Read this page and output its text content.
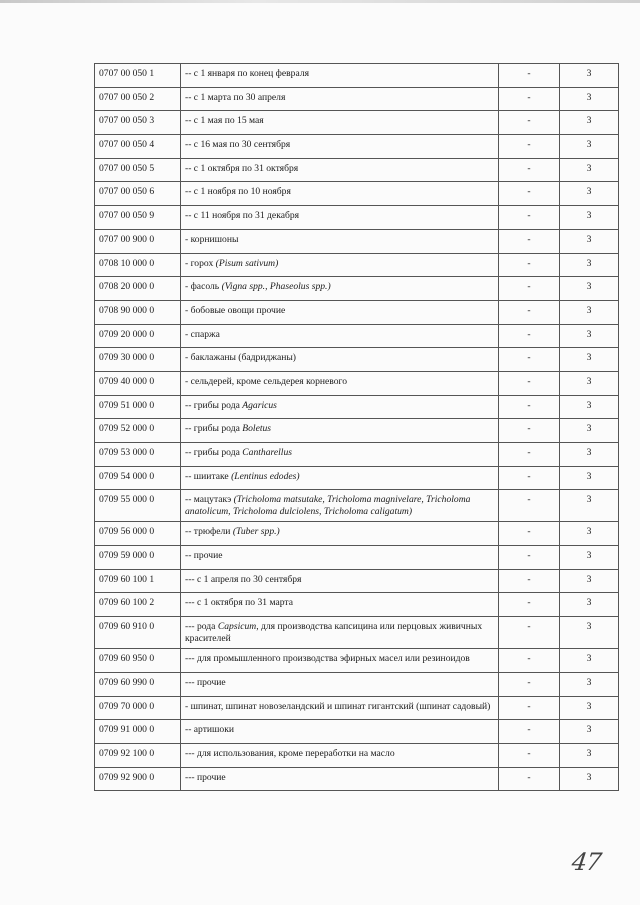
0707 00 050 1	-- с 1 января по конец февраля	-	3
0707 00 050 2	-- с 1 марта по 30 апреля	-	3
0707 00 050 3	-- с 1 мая по 15 мая	-	3
0707 00 050 4	-- с 16 мая по 30 сентября	-	3
0707 00 050 5	-- с 1 октября по 31 октября	-	3
0707 00 050 6	-- с 1 ноября по 10 ноября	-	3
0707 00 050 9	-- с 11 ноября по 31 декабря	-	3
0707 00 900 0	- корнишоны	-	3
0708 10 000 0	- горох (Pisum sativum)	-	3
0708 20 000 0	- фасоль (Vigna spp., Phaseolus spp.)	-	3
0708 90 000 0	- бобовые овощи прочие	-	3
0709 20 000 0	- спаржа	-	3
0709 30 000 0	- баклажаны (бадриджаны)	-	3
0709 40 000 0	- сельдерей, кроме сельдерея корневого	-	3
0709 51 000 0	-- грибы рода Agaricus	-	3
0709 52 000 0	-- грибы рода Boletus	-	3
0709 53 000 0	-- грибы рода Cantharellus	-	3
0709 54 000 0	-- шиитаке (Lentinus edodes)	-	3
0709 55 000 0	-- мацутакэ (Tricholoma matsutake, Tricholoma magnivelare, Tricholoma anatolicum, Tricholoma dulciolens, Tricholoma caligatum)	-	3
0709 56 000 0	-- трюфели (Tuber spp.)	-	3
0709 59 000 0	-- прочие	-	3
0709 60 100 1	--- с 1 апреля по 30 сентября	-	3
0709 60 100 2	--- с 1 октября по 31 марта	-	3
0709 60 910 0	--- рода Capsicum, для производства капсицина или перцовых живичных красителей	-	3
0709 60 950 0	--- для промышленного производства эфирных масел или резиноидов	-	3
0709 60 990 0	--- прочие	-	3
0709 70 000 0	- шпинат, шпинат новозеландский и шпинат гигантский (шпинат садовый)	-	3
0709 91 000 0	-- артишоки	-	3
0709 92 100 0	--- для использования, кроме переработки на масло	-	3
0709 92 900 0	--- прочие	-	3
47
